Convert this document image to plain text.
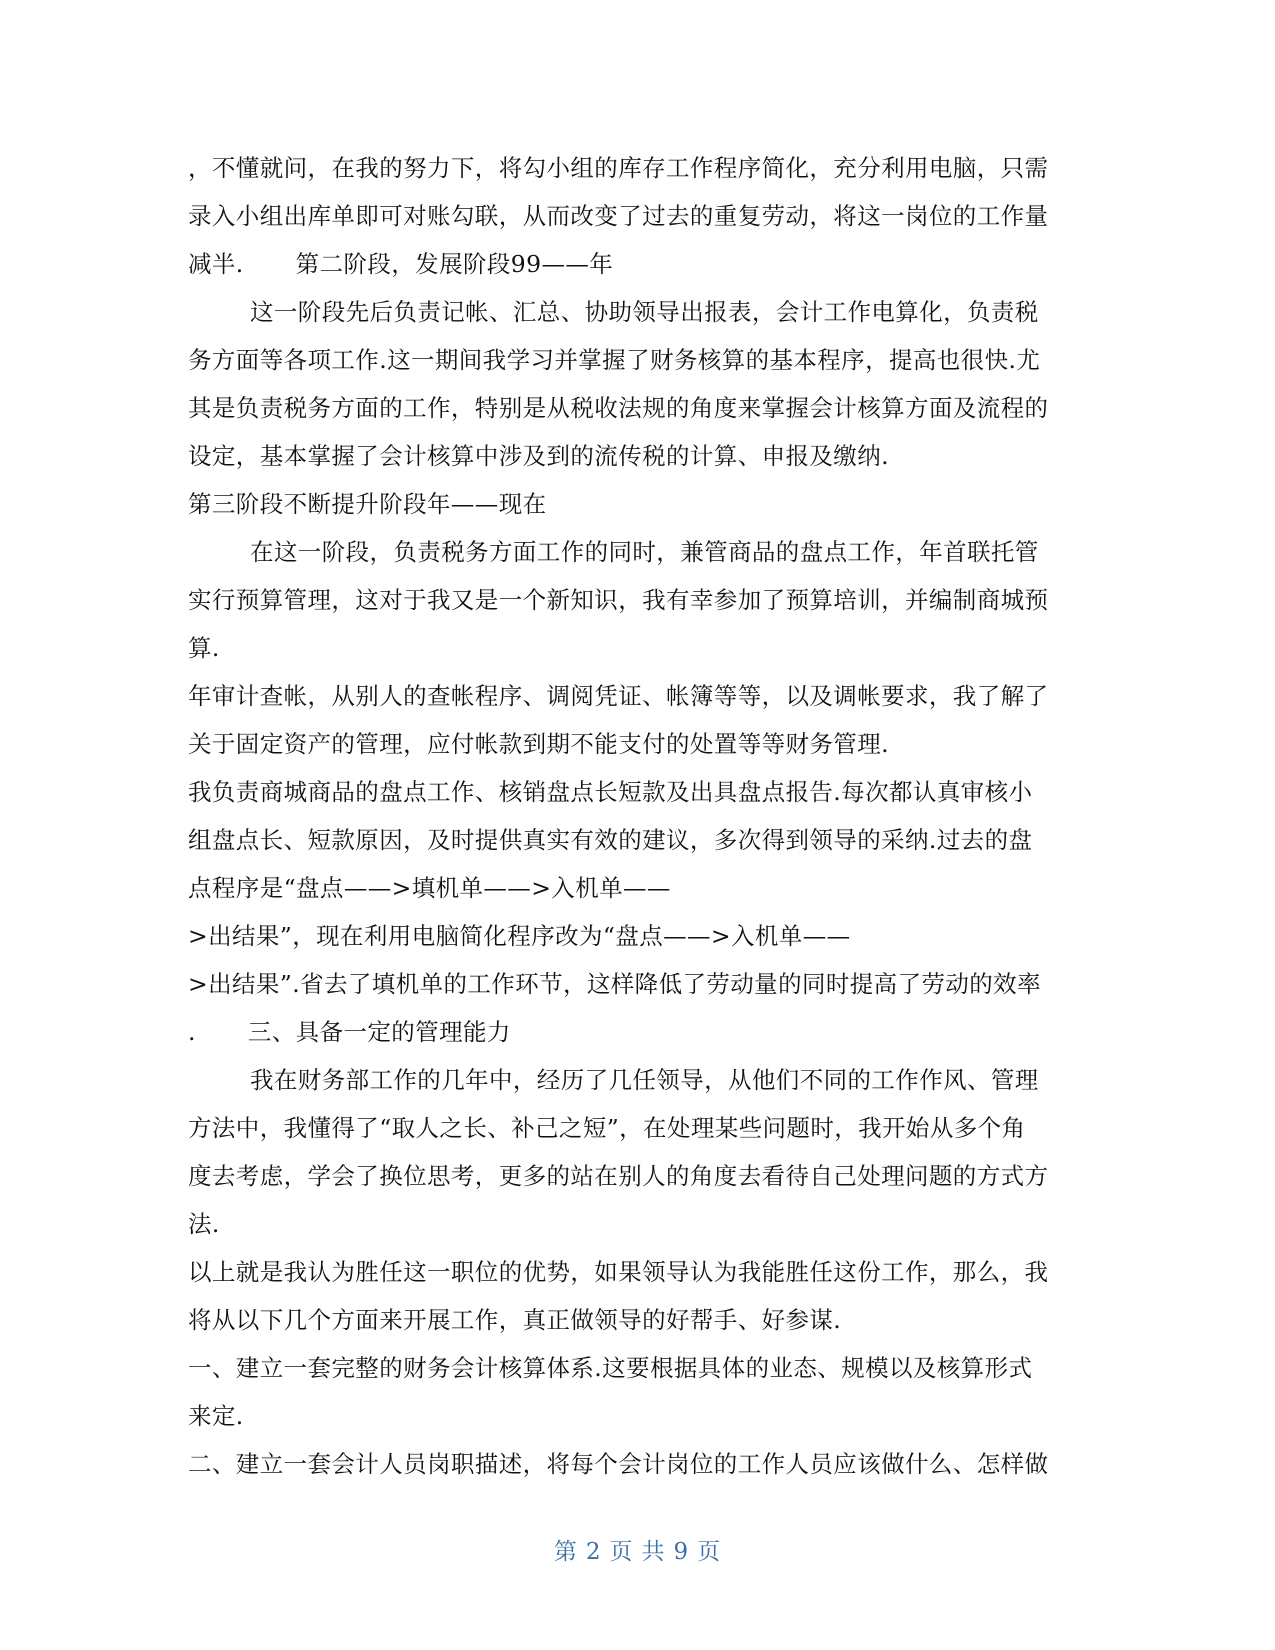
，不懂就问，在我的努力下，将勾小组的库存工作程序简化，充分利用电脑，只需
录入小组出库单即可对账勾联，从而改变了过去的重复劳动，将这一岗位的工作量
减半. 第二阶段，发展阶段99——年
这一阶段先后负责记帐、汇总、协助领导出报表，会计工作电算化，负责税
务方面等各项工作.这一期间我学习并掌握了财务核算的基本程序，提高也很快.尤
其是负责税务方面的工作，特别是从税收法规的角度来掌握会计核算方面及流程的
设定，基本掌握了会计核算中涉及到的流传税的计算、申报及缴纳.
第三阶段不断提升阶段年——现在
在这一阶段，负责税务方面工作的同时，兼管商品的盘点工作，年首联托管
实行预算管理，这对于我又是一个新知识，我有幸参加了预算培训，并编制商城预
算.
年审计查帐，从别人的查帐程序、调阅凭证、帐簿等等，以及调帐要求，我了解了
关于固定资产的管理，应付帐款到期不能支付的处置等等财务管理.
我负责商城商品的盘点工作、核销盘点长短款及出具盘点报告.每次都认真审核小
组盘点长、短款原因，及时提供真实有效的建议，多次得到领导的采纳.过去的盘
点程序是“盘点——>填机单——>入机单——
>出结果”，现在利用电脑简化程序改为“盘点——>入机单——
>出结果”.省去了填机单的工作环节，这样降低了劳动量的同时提高了劳动的效率
. 三、具备一定的管理能力
我在财务部工作的几年中，经历了几任领导，从他们不同的工作作风、管理
方法中，我懂得了“取人之长、补己之短”，在处理某些问题时，我开始从多个角
度去考虑，学会了换位思考，更多的站在别人的角度去看待自己处理问题的方式方
法.
以上就是我认为胜任这一职位的优势，如果领导认为我能胜任这份工作，那么，我
将从以下几个方面来开展工作，真正做领导的好帮手、好参谋.
一、建立一套完整的财务会计核算体系.这要根据具体的业态、规模以及核算形式
来定.
二、建立一套会计人员岗职描述，将每个会计岗位的工作人员应该做什么、怎样做
第 2 页 共 9 页
